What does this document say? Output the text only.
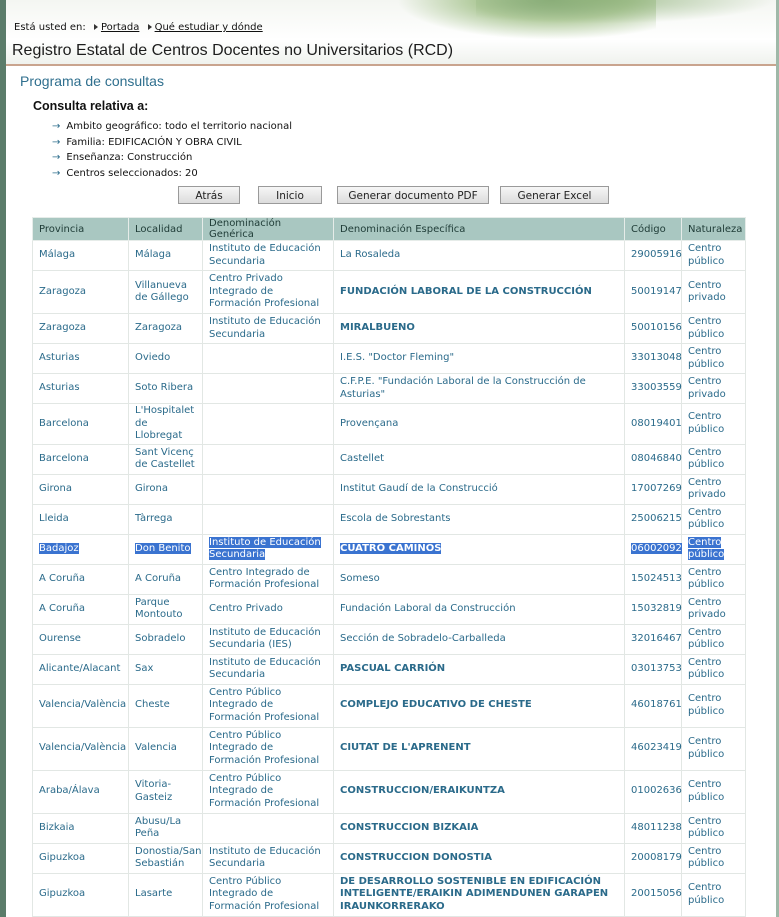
Está usted en: Portada Qué estudiar y dónde
Registro Estatal de Centros Docentes no Universitarios (RCD)
Programa de consultas
Consulta relativa a:
→ Ambito geográfico: todo el territorio nacional
→ Familia: EDIFICACIÓN Y OBRA CIVIL
→ Enseñanza: Construcción
→ Centros seleccionados: 20
Atrás	Inicio	Generar documento PDF	Generar Excel
Provincia	Localidad	Denominación Genérica	Denominación Específica	Código	Naturaleza
Málaga	Málaga	Instituto de Educación Secundaria	La Rosaleda	29005916	Centro público
Zaragoza	Villanueva de Gállego	Centro Privado Integrado de Formación Profesional	FUNDACIÓN LABORAL DE LA CONSTRUCCIÓN	50019147	Centro privado
Zaragoza	Zaragoza	Instituto de Educación Secundaria	MIRALBUENO	50010156	Centro público
Asturias	Oviedo		I.E.S. "Doctor Fleming"	33013048	Centro público
Asturias	Soto Ribera		C.F.P.E. "Fundación Laboral de la Construcción de Asturias"	33003559	Centro privado
Barcelona	L'Hospitalet de Llobregat		Provençana	08019401	Centro público
Barcelona	Sant Vicenç de Castellet		Castellet	08046840	Centro público
Girona	Girona		Institut Gaudí de la Construcció	17007269	Centro privado
Lleida	Tàrrega		Escola de Sobrestants	25006215	Centro público
Badajoz	Don Benito	Instituto de Educación Secundaria	CUATRO CAMINOS	06002092	Centro público
A Coruña	A Coruña	Centro Integrado de Formación Profesional	Someso	15024513	Centro público
A Coruña	Parque Montouto	Centro Privado	Fundación Laboral da Construcción	15032819	Centro privado
Ourense	Sobradelo	Instituto de Educación Secundaria (IES)	Sección de Sobradelo-Carballeda	32016467	Centro público
Alicante/Alacant	Sax	Instituto de Educación Secundaria	PASCUAL CARRIÓN	03013753	Centro público
Valencia/València	Cheste	Centro Público Integrado de Formación Profesional	COMPLEJO EDUCATIVO DE CHESTE	46018761	Centro público
Valencia/València	Valencia	Centro Público Integrado de Formación Profesional	CIUTAT DE L'APRENENT	46023419	Centro público
Araba/Álava	Vitoria-Gasteiz	Centro Público Integrado de Formación Profesional	CONSTRUCCION/ERAIKUNTZA	01002636	Centro público
Bizkaia	Abusu/La Peña		CONSTRUCCION BIZKAIA	48011238	Centro público
Gipuzkoa	Donostia/San Sebastián	Instituto de Educación Secundaria	CONSTRUCCION DONOSTIA	20008179	Centro público
Gipuzkoa	Lasarte	Centro Público Integrado de Formación Profesional	DE DESARROLLO SOSTENIBLE EN EDIFICACIÓN INTELIGENTE/ERAIKIN ADIMENDUNEN GARAPEN IRAUNKORRERAKO	20015056	Centro público
